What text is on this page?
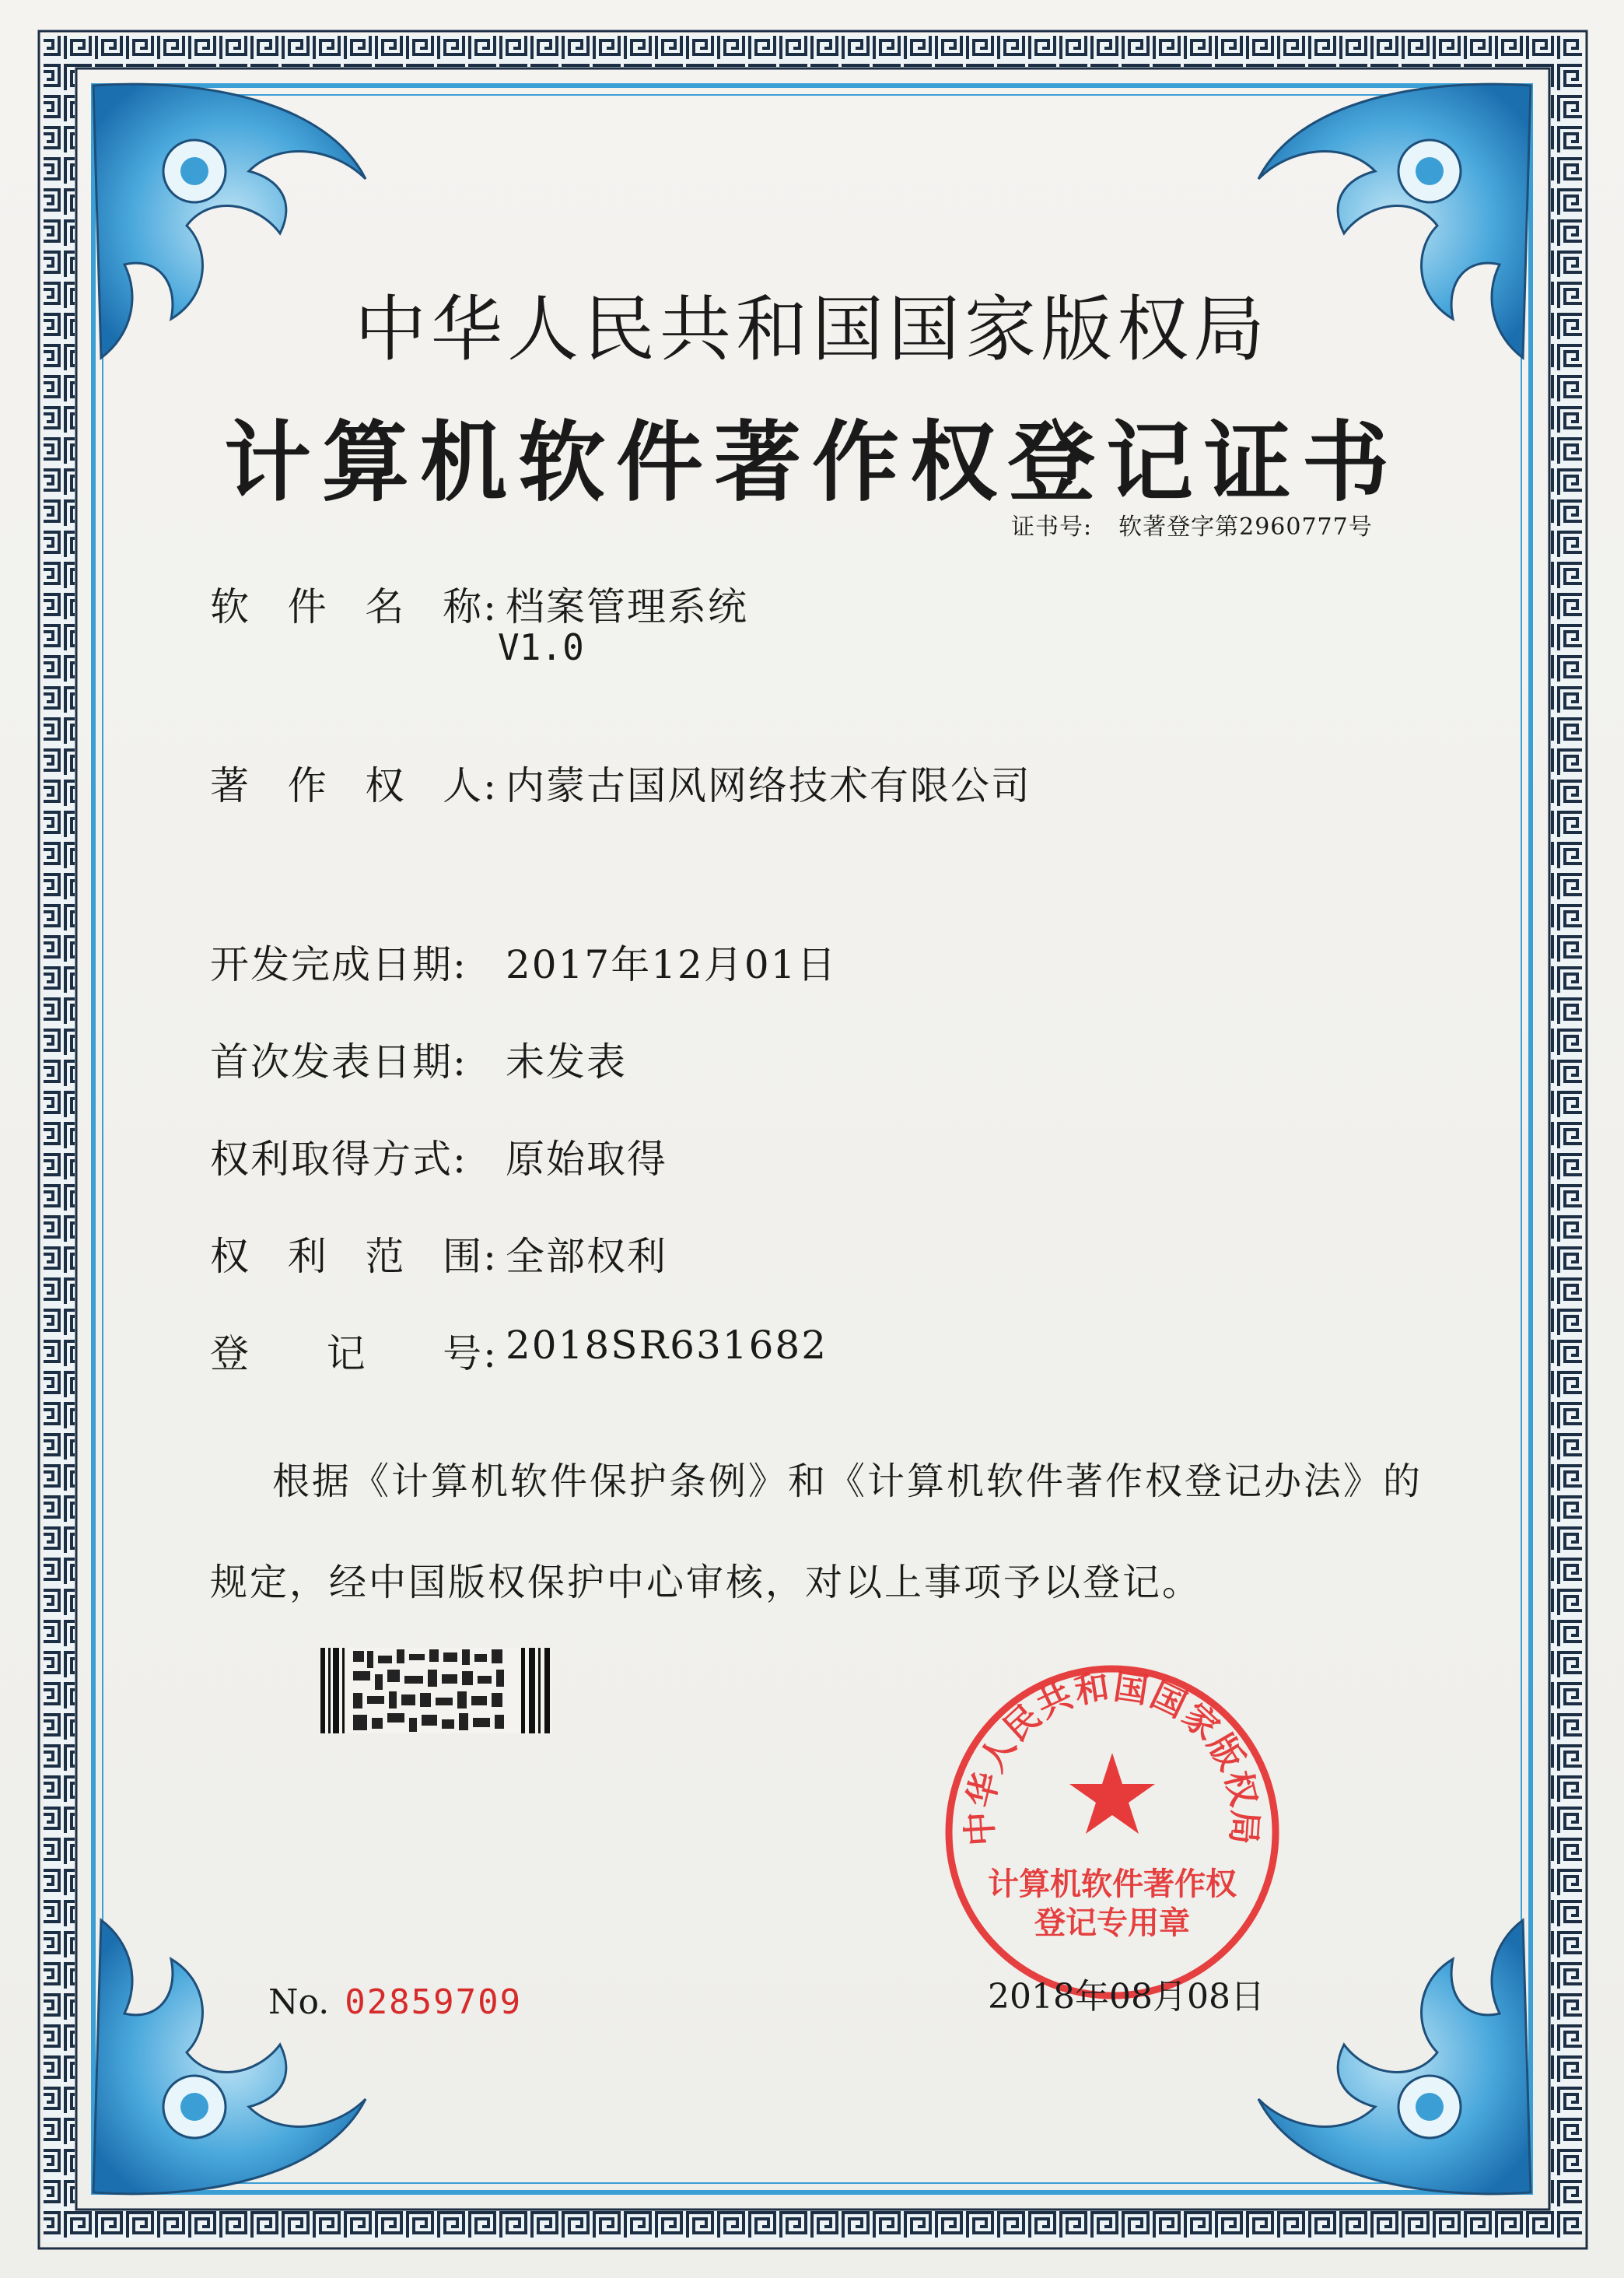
中华人民共和国国家版权局
计算机软件著作权登记证书
证书号: 软著登字第2960777号
软 件 名 称: 档案管理系统
V1.0
著 作 权 人: 内蒙古国风网络技术有限公司
开发完成日期: 2017年12月01日
首次发表日期: 未发表
权利取得方式: 原始取得
权 利 范 围: 全部权利
登 记 号: 2018SR631682
根据《计算机软件保护条例》和《计算机软件著作权登记办法》的
规定，经中国版权保护中心审核，对以上事项予以登记。
No. 02859709
中华人民共和国国家版权局
计算机软件著作权
登记专用章
2018年08月08日
